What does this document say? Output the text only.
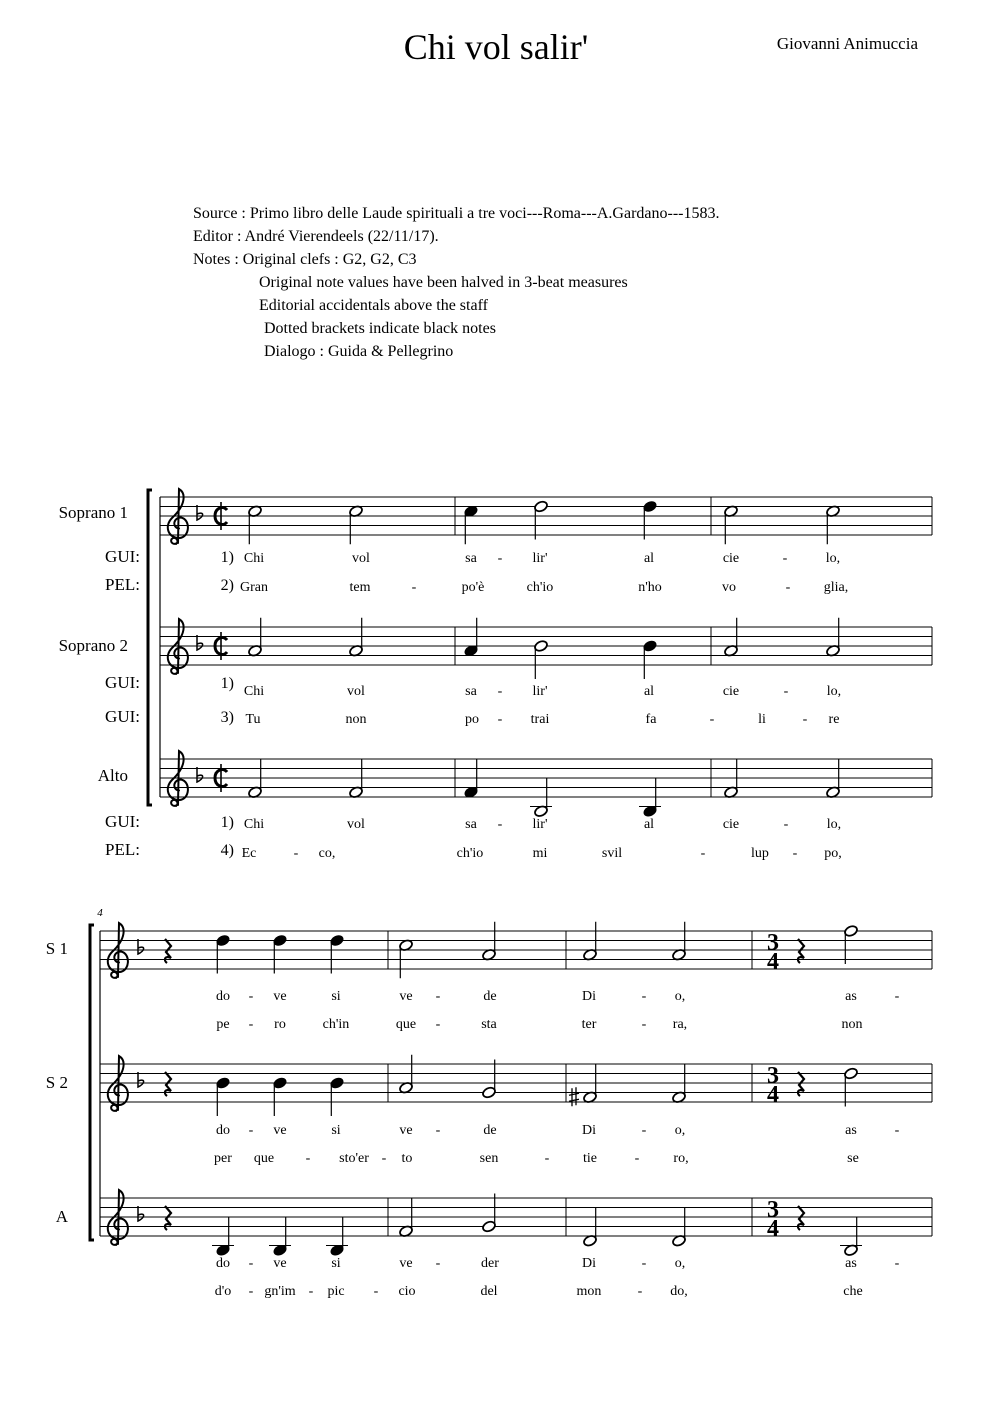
Chi vol salir'	Giovanni Animuccia
Source : Primo libro delle Laude spirituali a tre voci---Roma---A.Gardano---1583.
Editor : André Vierendeels (22/11/17).
Notes : Original clefs : G2, G2, C3
Original note values have been halved in 3-beat measures
Editorial accidentals above the staff
Dotted brackets indicate black notes
Dialogo : Guida & Pellegrino
Soprano 1
GUI:	1) Chi	vol	sa - lir'	al	cie	-	lo,
PEL:	2) Gran	tem	-	po'è	ch'io	n'ho	vo	- glia,
Soprano 2
GUI:	1) Chi	vol	sa - lir'	al	cie	-	lo,
GUI:	3) Tu	non	po - trai	fa	-	li	- re
Alto
GUI:	1) Chi	vol	sa - lir'	al	cie	-	lo,
PEL:	4) Ec	- co,	ch'io	mi	svil	-	lup - po,
3
4
S 1
do - ve	si	ve -	de	Di	- o,	as	-
pe - ro	ch'in	que -	sta	ter	- ra,	non
3
4
S 2
do - ve	si	ve -	de	Di	- o,	as	-
per que - sto'er - to	sen	- tie	- ro,	se
3
4
A
do - ve	si	ve -	der	Di	- o,	as	-
d'o - gn'im - pic - cio	del	mon	- do,	che
4
